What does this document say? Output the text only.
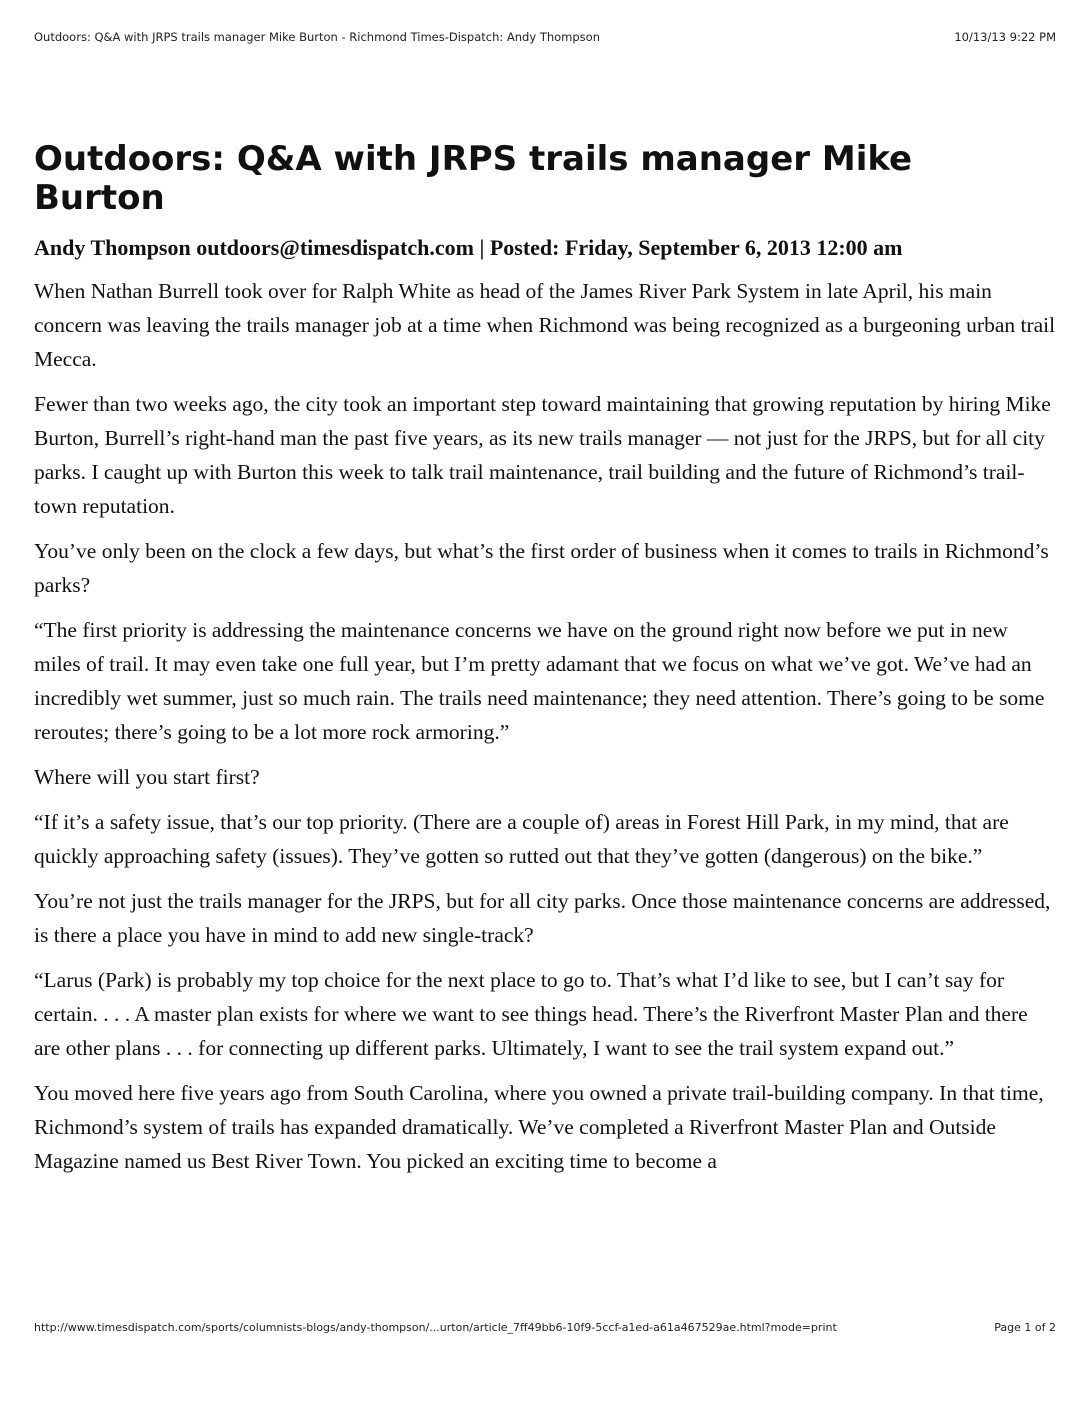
Outdoors: Q&A with JRPS trails manager Mike Burton - Richmond Times-Dispatch: Andy Thompson	10/13/13 9:22 PM
Outdoors: Q&A with JRPS trails manager Mike Burton
Andy Thompson outdoors@timesdispatch.com | Posted: Friday, September 6, 2013 12:00 am

When Nathan Burrell took over for Ralph White as head of the James River Park System in late April, his main concern was leaving the trails manager job at a time when Richmond was being recognized as a burgeoning urban trail Mecca.

Fewer than two weeks ago, the city took an important step toward maintaining that growing reputation by hiring Mike Burton, Burrell’s right-hand man the past five years, as its new trails manager — not just for the JRPS, but for all city parks. I caught up with Burton this week to talk trail maintenance, trail building and the future of Richmond’s trail-town reputation.

You’ve only been on the clock a few days, but what’s the first order of business when it comes to trails in Richmond’s parks?

“The first priority is addressing the maintenance concerns we have on the ground right now before we put in new miles of trail. It may even take one full year, but I’m pretty adamant that we focus on what we’ve got. We’ve had an incredibly wet summer, just so much rain. The trails need maintenance; they need attention. There’s going to be some reroutes; there’s going to be a lot more rock armoring.”

Where will you start first?

“If it’s a safety issue, that’s our top priority. (There are a couple of) areas in Forest Hill Park, in my mind, that are quickly approaching safety (issues). They’ve gotten so rutted out that they’ve gotten (dangerous) on the bike.”

You’re not just the trails manager for the JRPS, but for all city parks. Once those maintenance concerns are addressed, is there a place you have in mind to add new single-track?

“Larus (Park) is probably my top choice for the next place to go to. That’s what I’d like to see, but I can’t say for certain. . . . A master plan exists for where we want to see things head. There’s the Riverfront Master Plan and there are other plans . . . for connecting up different parks. Ultimately, I want to see the trail system expand out.”

You moved here five years ago from South Carolina, where you owned a private trail-building company. In that time, Richmond’s system of trails has expanded dramatically. We’ve completed a Riverfront Master Plan and Outside Magazine named us Best River Town. You picked an exciting time to become a

http://www.timesdispatch.com/sports/columnists-blogs/andy-thompson/...urton/article_7ff49bb6-10f9-5ccf-a1ed-a61a467529ae.html?mode=print	Page 1 of 2
